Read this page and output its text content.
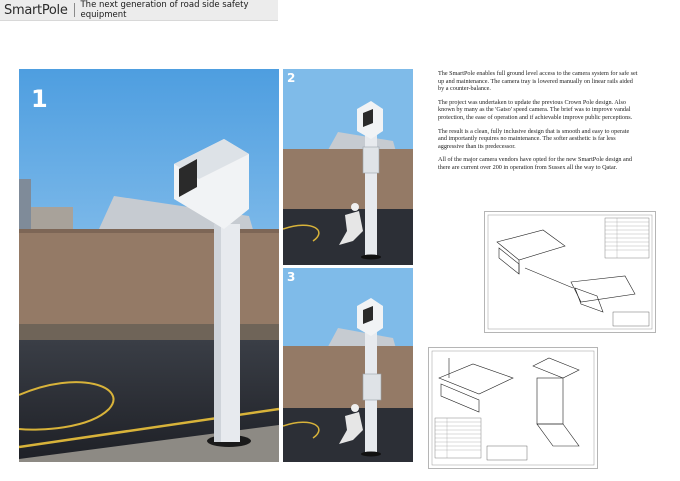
SmartPole The next generation of road side safety equipment
1
2
3

The SmartPole enables full ground level access to the camera system for safe set up and maintenance. The camera tray is lowered manually on linear rails aided by a counter-balance.

The project was undertaken to update the previous Crown Pole design. Also known by many as the 'Gatso' speed camera. The brief was to improve vandal protection, the ease of operation and if achievable improve public perceptions.

The result is a clean, fully inclusive design that is smooth and easy to operate and importantly requires no maintenance. The softer aesthetic is far less aggressive than its predecessor.

All of the major camera vendors have opted for the new SmartPole design and there are current over 200 in operation from Sussex all the way to Qatar.
